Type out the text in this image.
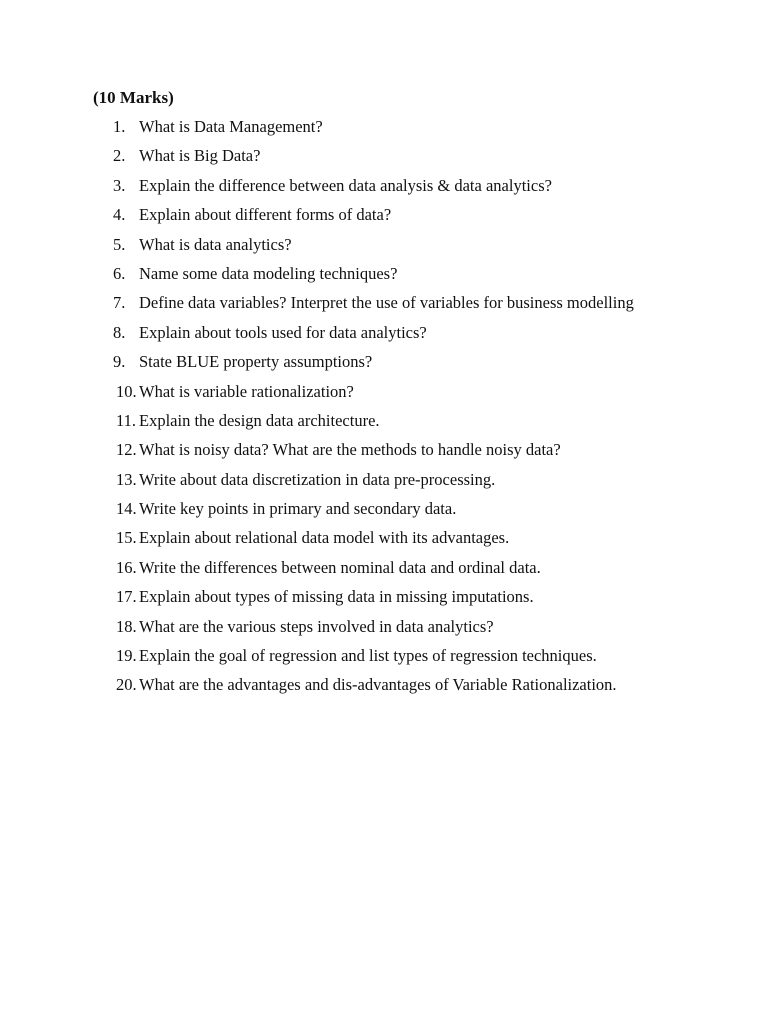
(10 Marks)
1. What is Data Management?
2. What is Big Data?
3. Explain the difference between data analysis & data analytics?
4. Explain about different forms of data?
5. What is data analytics?
6. Name some data modeling techniques?
7. Define data variables? Interpret the use of variables for business modelling
8. Explain about tools used for data analytics?
9. State BLUE property assumptions?
10. What is variable rationalization?
11. Explain the design data architecture.
12. What is noisy data? What are the methods to handle noisy data?
13. Write about data discretization in data pre-processing.
14. Write key points in primary and secondary data.
15. Explain about relational data model with its advantages.
16. Write the differences between nominal data and ordinal data.
17. Explain about types of missing data in missing imputations.
18. What are the various steps involved in data analytics?
19. Explain the goal of regression and list types of regression techniques.
20. What are the advantages and dis-advantages of Variable Rationalization.
